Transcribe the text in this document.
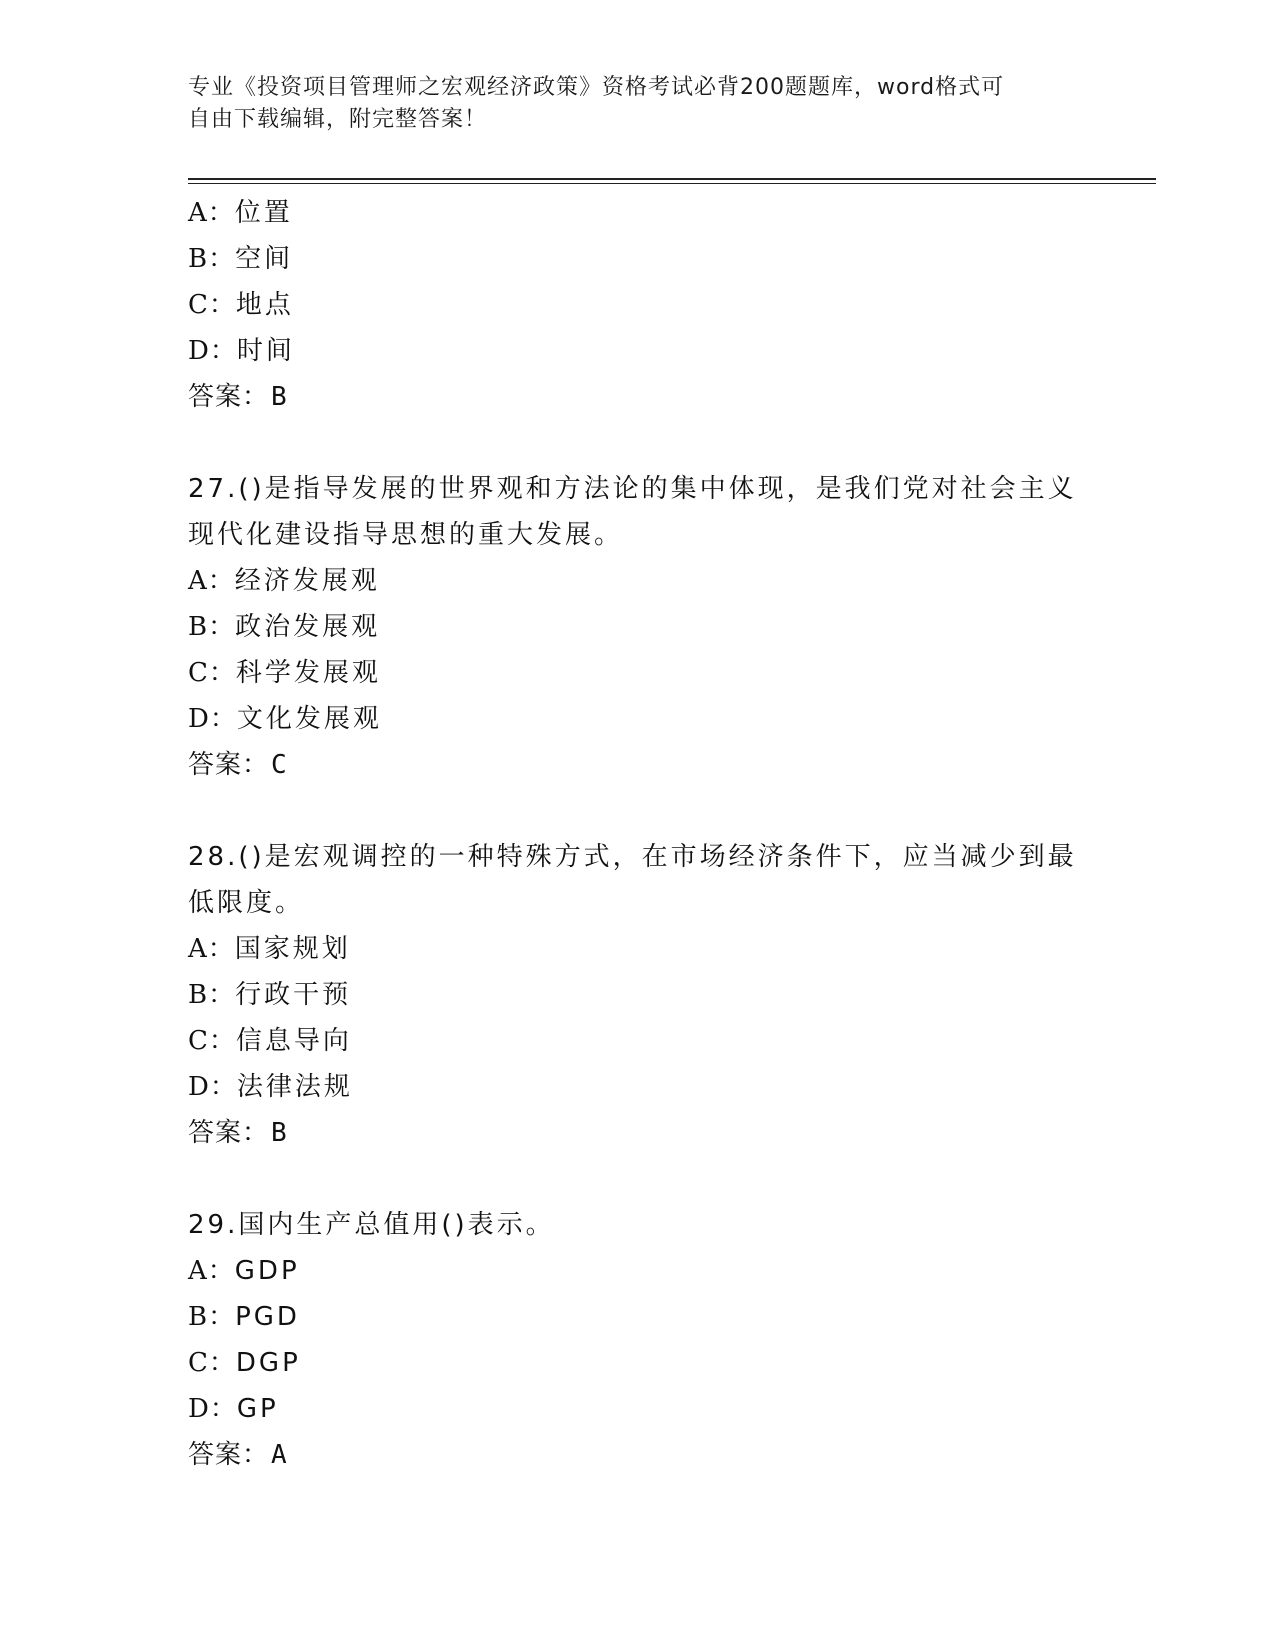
专业《投资项目管理师之宏观经济政策》资格考试必背200题题库，word格式可
自由下载编辑，附完整答案！
A：位置
B：空间
C：地点
D：时间
答案：B
27.()是指导发展的世界观和方法论的集中体现，是我们党对社会主义
现代化建设指导思想的重大发展。
A：经济发展观
B：政治发展观
C：科学发展观
D：文化发展观
答案：C
28.()是宏观调控的一种特殊方式，在市场经济条件下，应当减少到最
低限度。
A：国家规划
B：行政干预
C：信息导向
D：法律法规
答案：B
29.国内生产总值用()表示。
A：GDP
B：PGD
C：DGP
D：GP
答案：A
